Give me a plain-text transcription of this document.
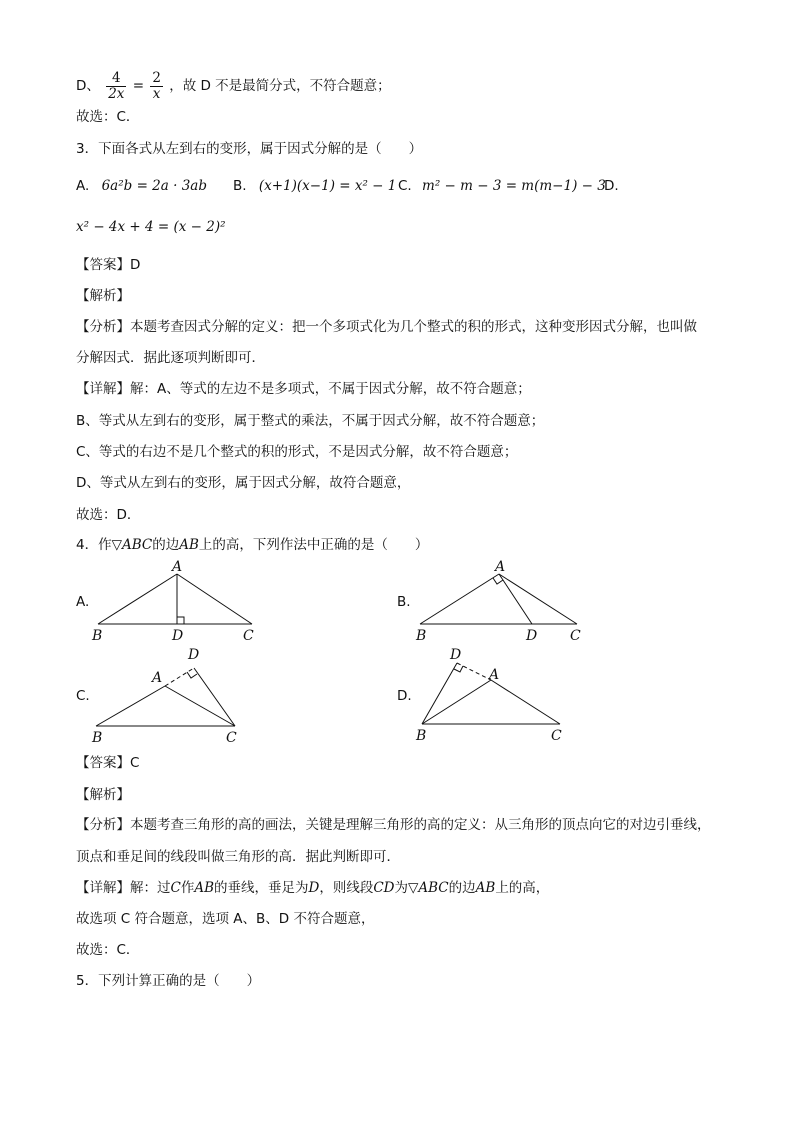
D、 $\frac{4}{2x} = \frac{2}{x}$ ，故 D 不是最简分式，不符合题意；
故选：C．
3．下面各式从左到右的变形，属于因式分解的是（　　）
A. 6a²b = 2a · 3ab B. (x+1)(x−1) = x² − 1 C. m² − m − 3 = m(m−1) − 3
D.
x² − 4x + 4 = (x − 2)²
【答案】D
【解析】
【分析】本题考查因式分解的定义：把一个多项式化为几个整式的积的形式，这种变形因式分解，也叫做
分解因式．据此逐项判断即可．
【详解】解：A、等式的左边不是多项式，不属于因式分解，故不符合题意；
B、等式从左到右的变形，属于整式的乘法，不属于因式分解，故不符合题意；
C、等式的右边不是几个整式的积的形式，不是因式分解，故不符合题意；
D、等式从左到右的变形，属于因式分解，故符合题意，
故选：D．
4．作▽ABC的边AB上的高，下列作法中正确的是（　　）
A.	B.
C.	D.
A
B	D	C
A
B	D C
D
A
B	C
D
A
B	C
【答案】C
【解析】
【分析】本题考查三角形的高的画法，关键是理解三角形的高的定义：从三角形的顶点向它的对边引垂线，
顶点和垂足间的线段叫做三角形的高．据此判断即可．
【详解】解：过C作AB的垂线，垂足为D，则线段CD为▽ABC的边AB上的高，
故选项 C 符合题意，选项 A、B、D 不符合题意，
故选：C．
5．下列计算正确的是（　　）
